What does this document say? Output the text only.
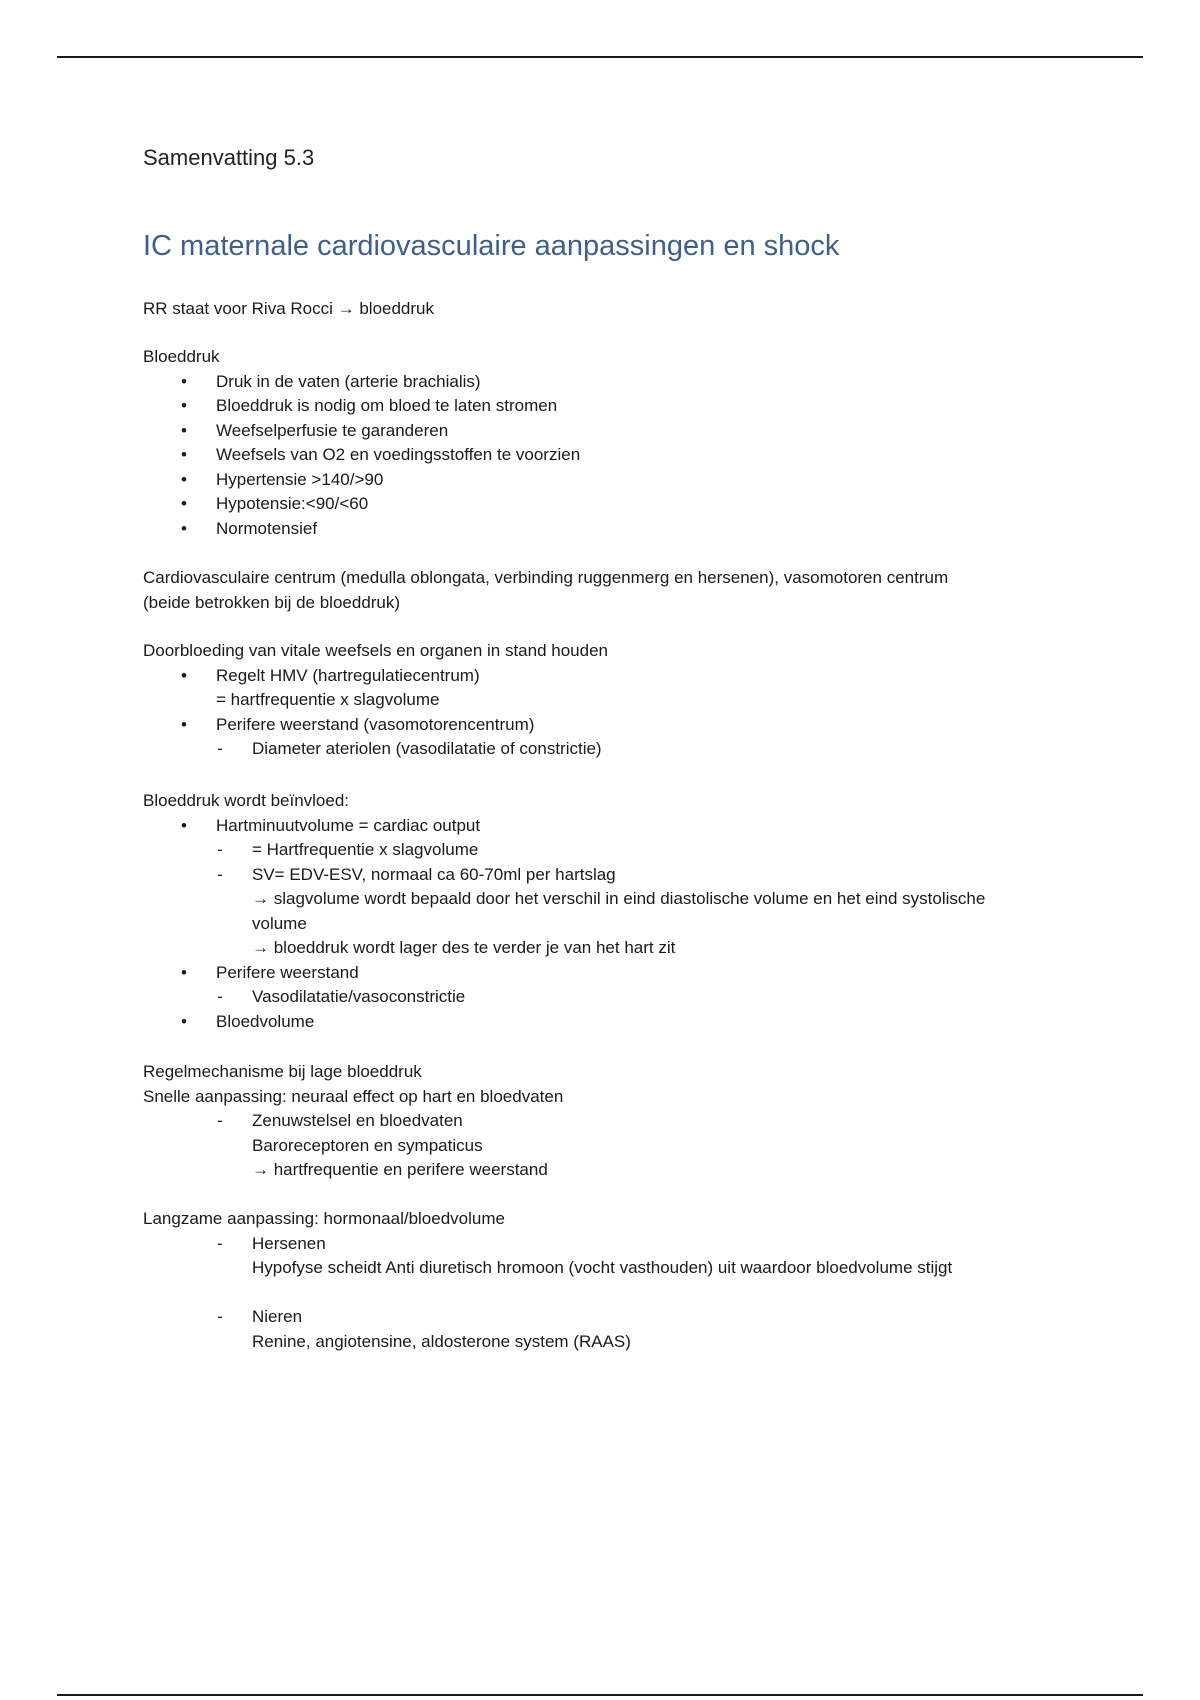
Samenvatting 5.3
IC maternale cardiovasculaire aanpassingen en shock

RR staat voor Riva Rocci → bloeddruk

Bloeddruk

• Druk in de vaten (arterie brachialis)
• Bloeddruk is nodig om bloed te laten stromen
• Weefselperfusie te garanderen
• Weefsels van O2 en voedingsstoffen te voorzien
• Hypertensie >140/>90
• Hypotensie:<90/<60
• Normotensief

Cardiovasculaire centrum (medulla oblongata, verbinding ruggenmerg en hersenen), vasomotoren centrum

(beide betrokken bij de bloeddruk)

Doorbloeding van vitale weefsels en organen in stand houden

• Regelt HMV (hartregulatiecentrum)

= hartfrequentie x slagvolume

• Perifere weerstand (vasomotorencentrum)

- Diameter ateriolen (vasodilatatie of constrictie)

Bloeddruk wordt beïnvloed:

• Hartminuutvolume = cardiac output

- = Hartfrequentie x slagvolume

- SV= EDV-ESV, normaal ca 60-70ml per hartslag

→ slagvolume wordt bepaald door het verschil in eind diastolische volume en het eind systolische

volume

→ bloeddruk wordt lager des te verder je van het hart zit

• Perifere weerstand

- Vasodilatatie/vasoconstrictie

• Bloedvolume

Regelmechanisme bij lage bloeddruk

Snelle aanpassing: neuraal effect op hart en bloedvaten

- Zenuwstelsel en bloedvaten

Baroreceptoren en sympaticus

→ hartfrequentie en perifere weerstand

Langzame aanpassing: hormonaal/bloedvolume

- Hersenen

Hypofyse scheidt Anti diuretisch hromoon (vocht vasthouden) uit waardoor bloedvolume stijgt

- Nieren

Renine, angiotensine, aldosterone system (RAAS)
